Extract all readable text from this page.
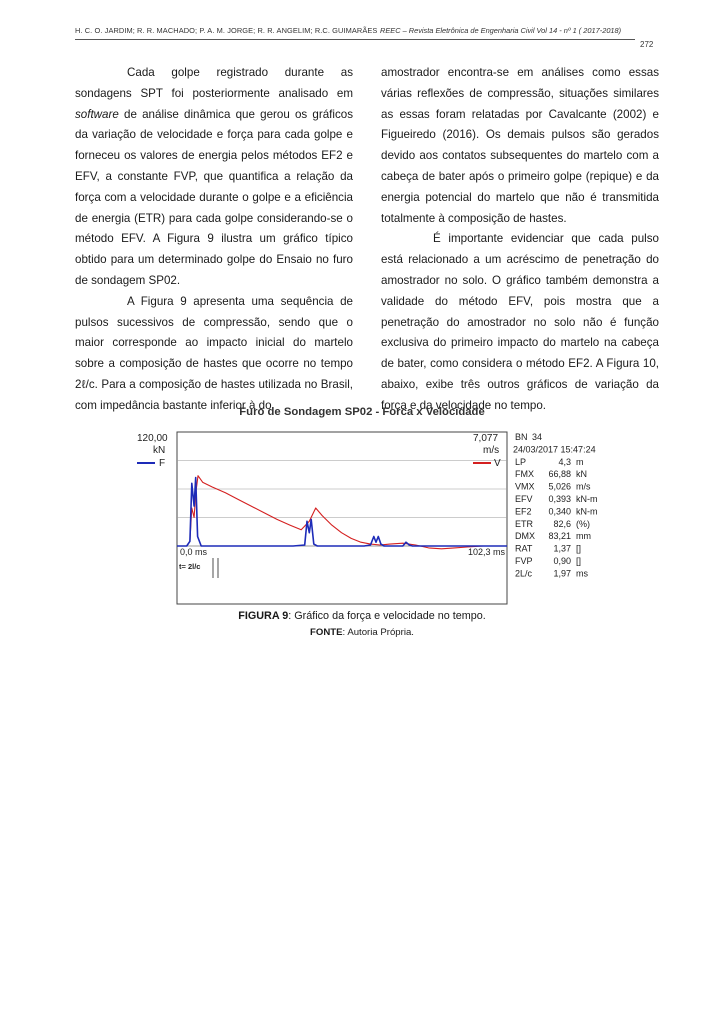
H. C. O. JARDIM; R. R. MACHADO; P. A. M. JORGE; R. R. ANGELIM; R.C. GUIMARÃES REEC – Revista Eletrônica de Engenharia Civil Vol 14 - nº 1 ( 2017-2018)
272

Cada golpe registrado durante as sondagens SPT foi posteriormente analisado em software de análise dinâmica que gerou os gráficos da variação de velocidade e força para cada golpe e forneceu os valores de energia pelos métodos EF2 e EFV, a constante FVP, que quantifica a relação da força com a velocidade durante o golpe e a eficiência de energia (ETR) para cada golpe considerando-se o método EFV. A Figura 9 ilustra um gráfico típico obtido para um determinado golpe do Ensaio no furo de sondagem SP02.

A Figura 9 apresenta uma sequência de pulsos sucessivos de compressão, sendo que o maior corresponde ao impacto inicial do martelo sobre a composição de hastes que ocorre no tempo 2ℓ/c. Para a composição de hastes utilizada no Brasil, com impedância bastante inferior à do

amostrador encontra-se em análises como essas várias reflexões de compressão, situações similares as essas foram relatadas por Cavalcante (2002) e Figueiredo (2016). Os demais pulsos são gerados devido aos contatos subsequentes do martelo com a cabeça de bater após o primeiro golpe (repique) e da energia potencial do martelo que não é transmitida totalmente à composição de hastes.

É importante evidenciar que cada pulso está relacionado a um acréscimo de penetração do amostrador no solo. O gráfico também demonstra a validade do método EFV, pois mostra que a penetração do amostrador no solo não é função exclusiva do primeiro impacto do martelo na cabeça de bater, como considera o método EF2. A Figura 10, abaixo, exibe três outros gráficos de variação da força e da velocidade no tempo.

Furo de Sondagem SP02 - Forca x Velocidade
120,00
kN
F
7,077
m/s
V
0,0 ms
t= 2l/c
102,3 ms
BN 34
24/03/2017 15:47:24
LP	4,3 m
FMX 66,88 kN
VMX 5,026 m/s
EFV 0,393 kN-m
EF2 0,340 kN-m
ETR 82,6 (%)
DMX 83,21 mm
RAT 1,37 []
FVP 0,90 []
2L/c 1,97 ms
FIGURA 9: Gráfico da força e velocidade no tempo.
FONTE: Autoria Própria.
